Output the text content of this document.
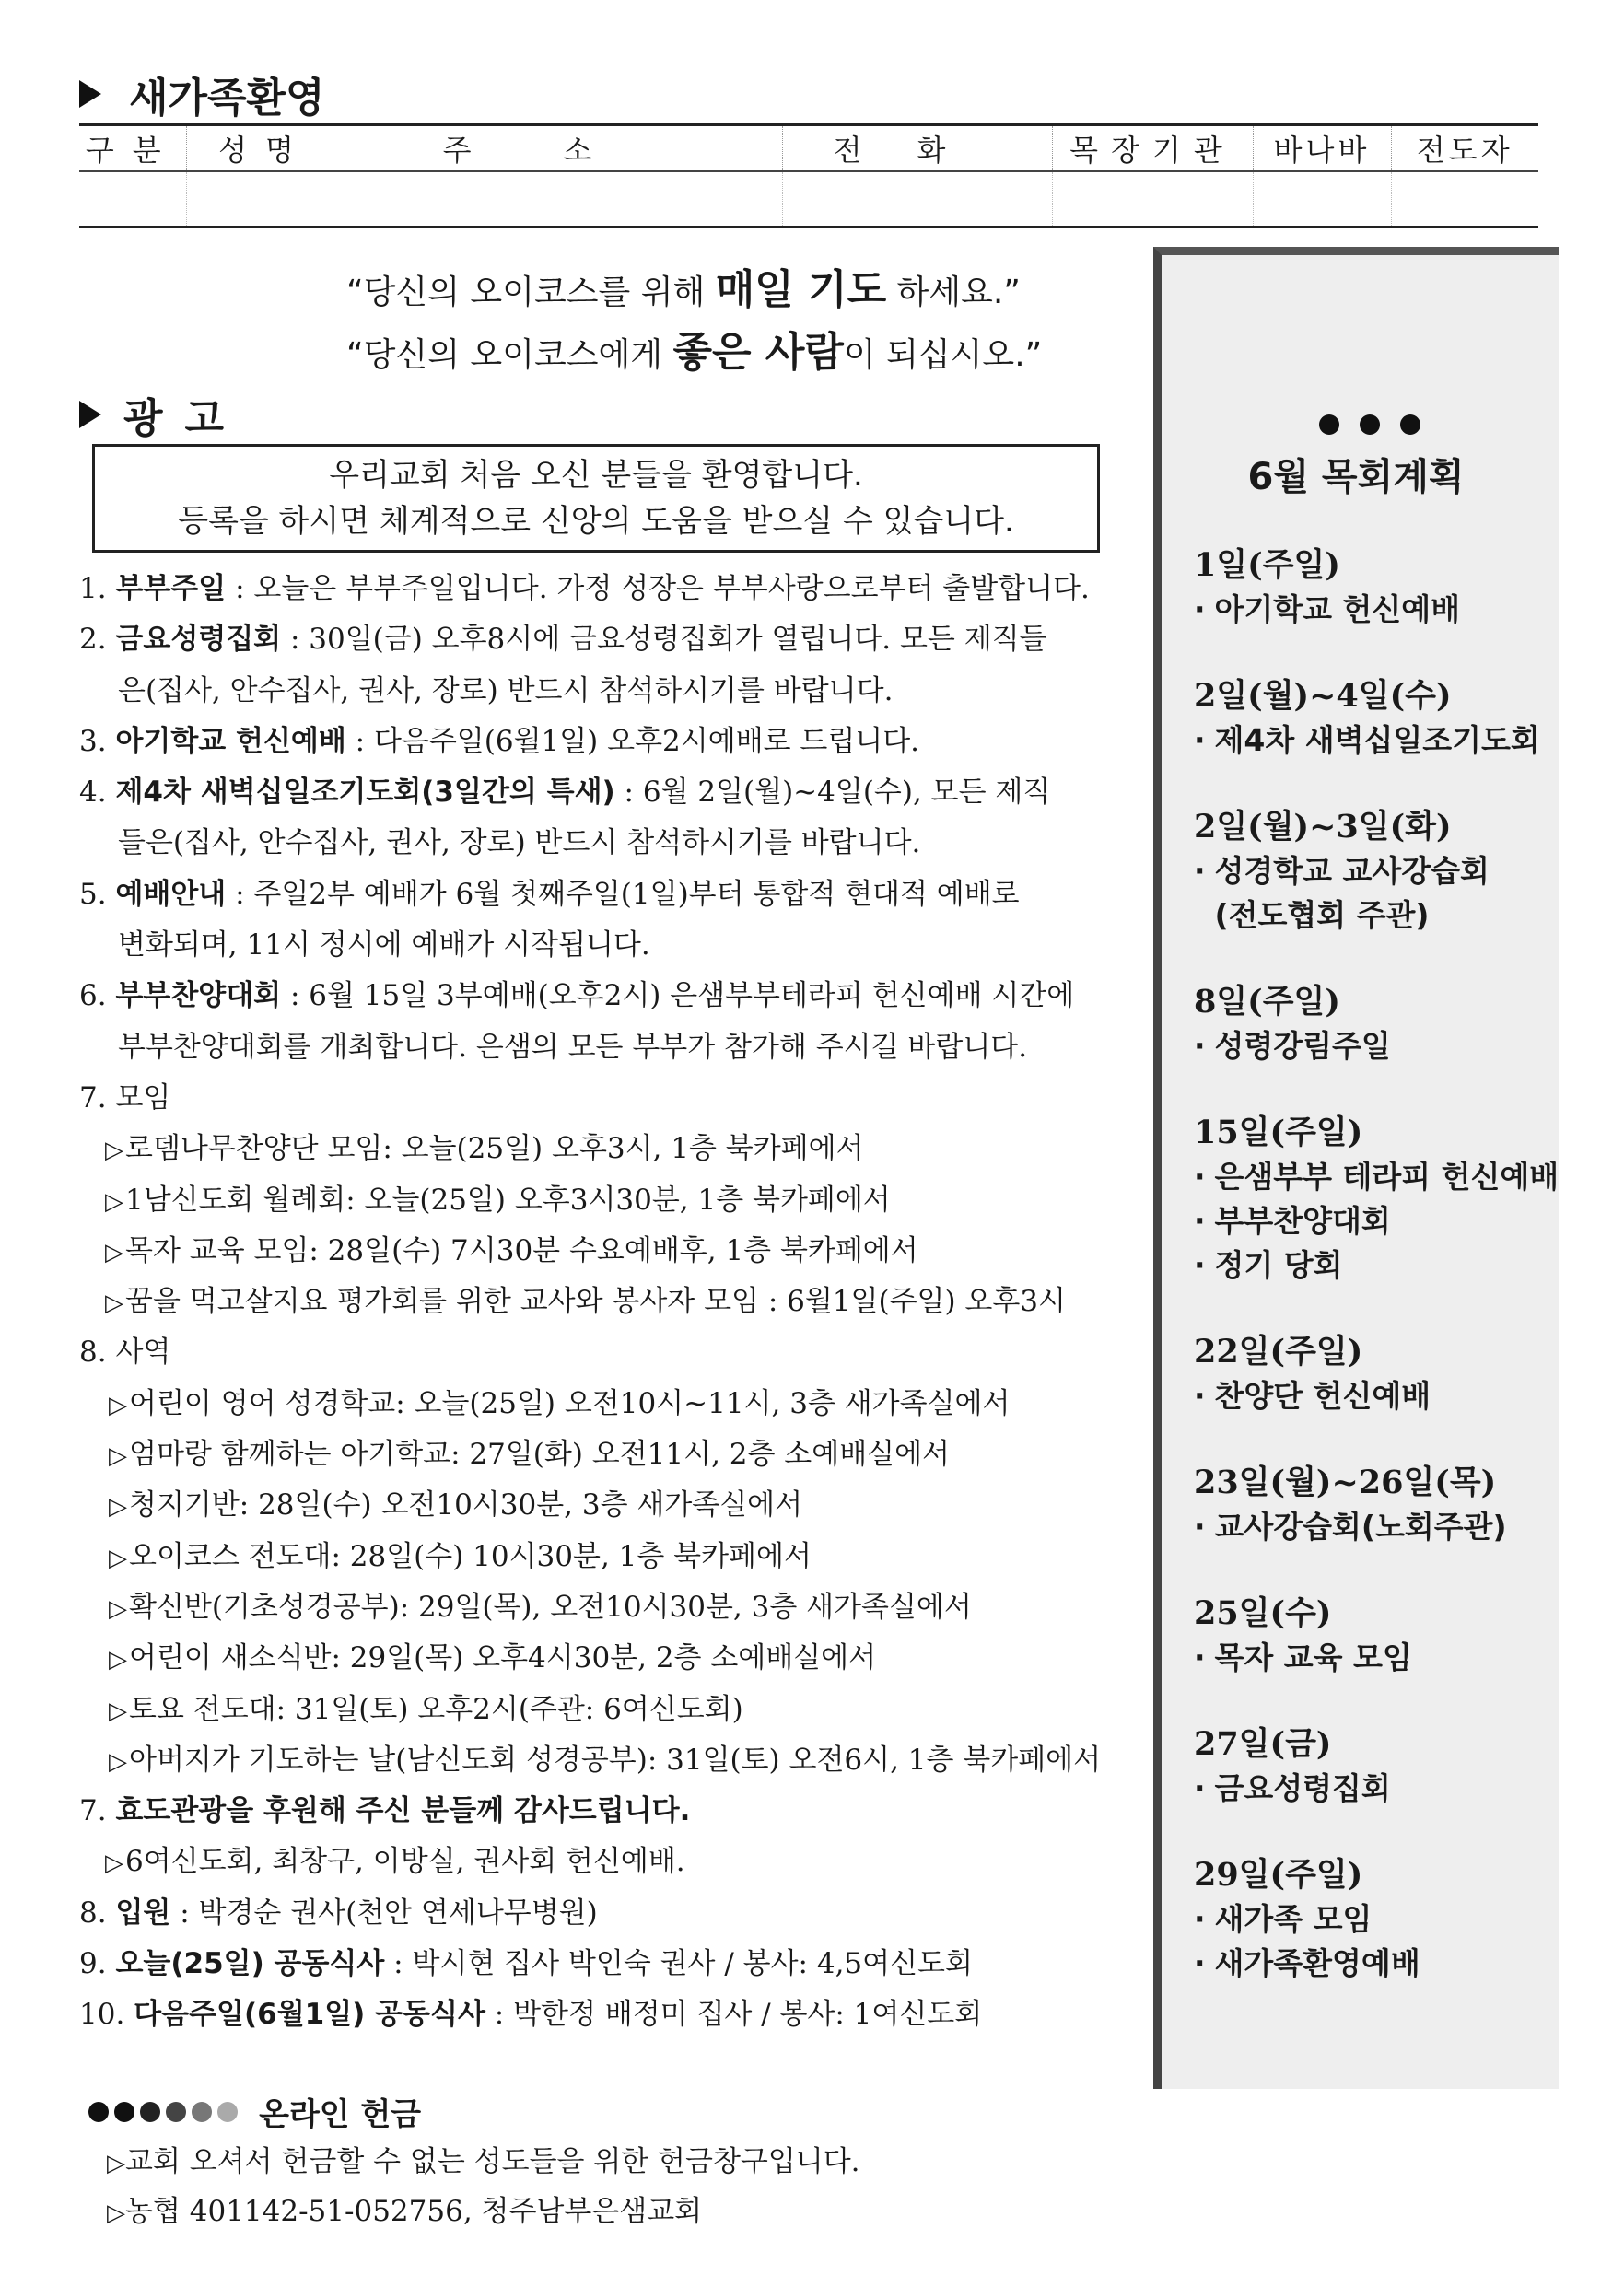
새가족환영
구분	성명	주소	전화	목장기관	바나바	전도자

“당신의 오이코스를 위해 매일 기도 하세요.”
“당신의 오이코스에게 좋은 사람이 되십시오.”
광고
우리교회 처음 오신 분들을 환영합니다.
등록을 하시면 체계적으로 신앙의 도움을 받으실 수 있습니다.
1. 부부주일 : 오늘은 부부주일입니다. 가정 성장은 부부사랑으로부터 출발합니다.
2. 금요성령집회 : 30일(금) 오후8시에 금요성령집회가 열립니다. 모든 제직들
은(집사, 안수집사, 권사, 장로) 반드시 참석하시기를 바랍니다.
3. 아기학교 헌신예배 : 다음주일(6월1일) 오후2시예배로 드립니다.
4. 제4차 새벽십일조기도회(3일간의 특새) : 6월 2일(월)~4일(수), 모든 제직
들은(집사, 안수집사, 권사, 장로) 반드시 참석하시기를 바랍니다.
5. 예배안내 : 주일2부 예배가 6월 첫째주일(1일)부터 통합적 현대적 예배로
변화되며, 11시 정시에 예배가 시작됩니다.
6. 부부찬양대회 : 6월 15일 3부예배(오후2시) 은샘부부테라피 헌신예배 시간에
부부찬양대회를 개최합니다. 은샘의 모든 부부가 참가해 주시길 바랍니다.
7. 모임
▷로뎀나무찬양단 모임: 오늘(25일) 오후3시, 1층 북카페에서
▷1남신도회 월례회: 오늘(25일) 오후3시30분, 1층 북카페에서
▷목자 교육 모임: 28일(수) 7시30분 수요예배후, 1층 북카페에서
▷꿈을 먹고살지요 평가회를 위한 교사와 봉사자 모임 : 6월1일(주일) 오후3시
8. 사역
▷어린이 영어 성경학교: 오늘(25일) 오전10시~11시, 3층 새가족실에서
▷엄마랑 함께하는 아기학교: 27일(화) 오전11시, 2층 소예배실에서
▷청지기반: 28일(수) 오전10시30분, 3층 새가족실에서
▷오이코스 전도대: 28일(수) 10시30분, 1층 북카페에서
▷확신반(기초성경공부): 29일(목), 오전10시30분, 3층 새가족실에서
▷어린이 새소식반: 29일(목) 오후4시30분, 2층 소예배실에서
▷토요 전도대: 31일(토) 오후2시(주관: 6여신도회)
▷아버지가 기도하는 날(남신도회 성경공부): 31일(토) 오전6시, 1층 북카페에서
7. 효도관광을 후원해 주신 분들께 감사드립니다.
▷6여신도회, 최창구, 이방실, 권사회 헌신예배.
8. 입원 : 박경순 권사(천안 연세나무병원)
9. 오늘(25일) 공동식사 : 박시현 집사 박인숙 권사 / 봉사: 4,5여신도회
10. 다음주일(6월1일) 공동식사 : 박한정 배정미 집사 / 봉사: 1여신도회
온라인 헌금
▷교회 오셔서 헌금할 수 없는 성도들을 위한 헌금창구입니다.
▷농협 401142-51-052756, 청주남부은샘교회
6월 목회계획
1일(주일)
· 아기학교 헌신예배
2일(월)~4일(수)
· 제4차 새벽십일조기도회
2일(월)~3일(화)
· 성경학교 교사강습회
(전도협회 주관)
8일(주일)
· 성령강림주일
15일(주일)
· 은샘부부 테라피 헌신예배
· 부부찬양대회
· 정기 당회
22일(주일)
· 찬양단 헌신예배
23일(월)~26일(목)
· 교사강습회(노회주관)
25일(수)
· 목자 교육 모임
27일(금)
· 금요성령집회
29일(주일)
· 새가족 모임
· 새가족환영예배
